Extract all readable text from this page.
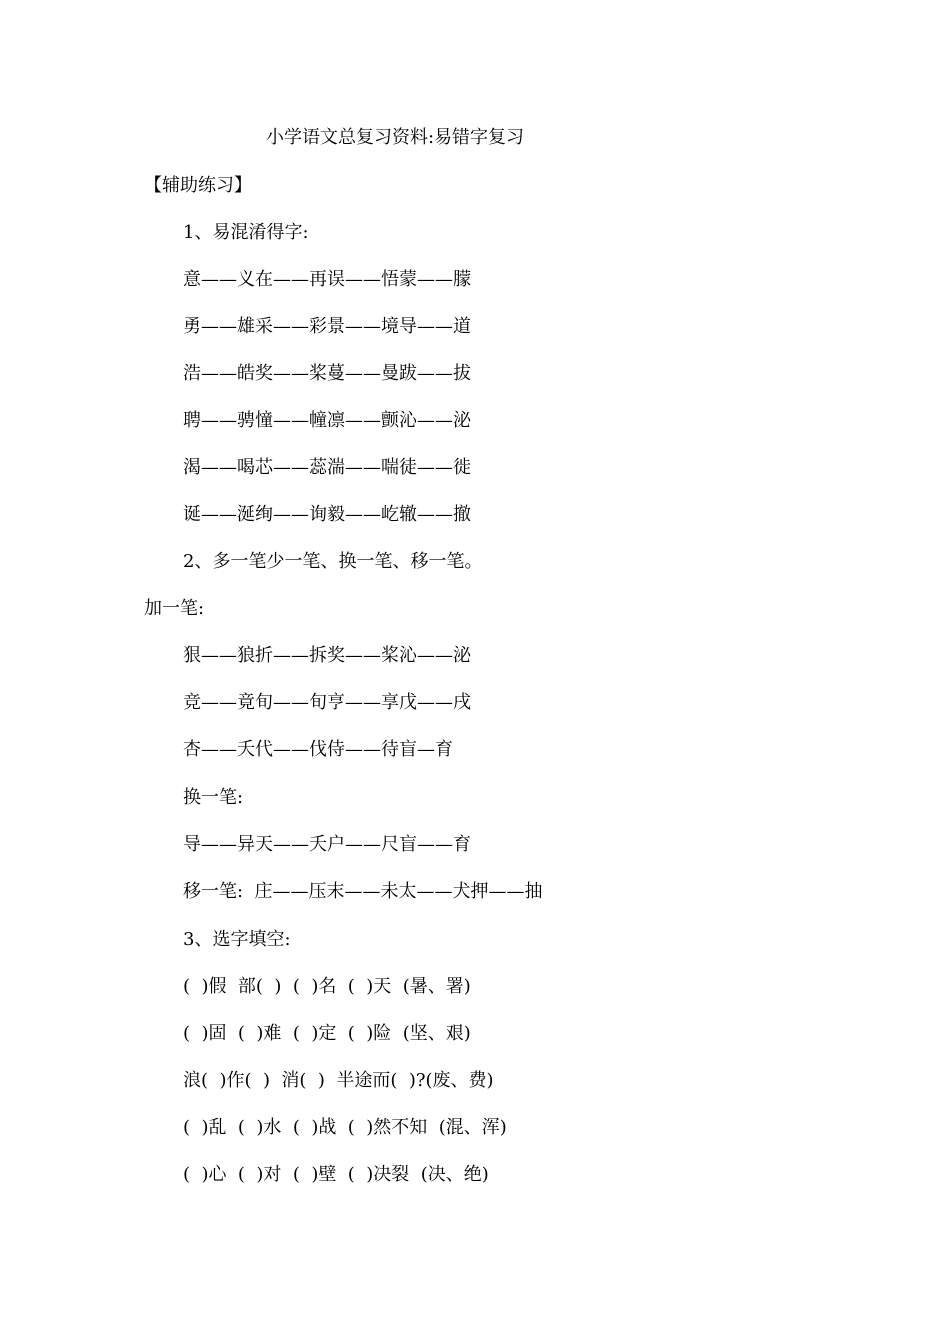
小学语文总复习资料:易错字复习
【辅助练习】
1、易混淆得字:
意——义在——再误——悟蒙——朦
勇——雄采——彩景——境导——道
浩——皓奖——桨蔓——曼跋——拔
聘——骋憧——幢凛——颤沁——泌
渴——喝芯——蕊湍——喘徒——徙
诞——涎绚——询毅——屹辙——撤
2、多一笔少一笔、换一笔、移一笔。
加一笔:
狠——狼折——拆奖——桨沁——泌
竞——竟旬——旬亨——享戊——戌
杏——夭代——伐侍——待盲—育
换一笔:
导——异天——夭户——尺盲——育
移一笔:  庄——压末——未太——犬押——抽
3、选字填空:
(  )假  部(  )  (  )名  (  )天  (暑、署)
(  )固  (  )难  (  )定  (  )险  (坚、艰)
浪(  )作(  )  消(  )  半途而(  )?(废、费)
(  )乱  (  )水  (  )战  (  )然不知  (混、浑)
(  )心  (  )对  (  )壁  (  )决裂  (决、绝)
